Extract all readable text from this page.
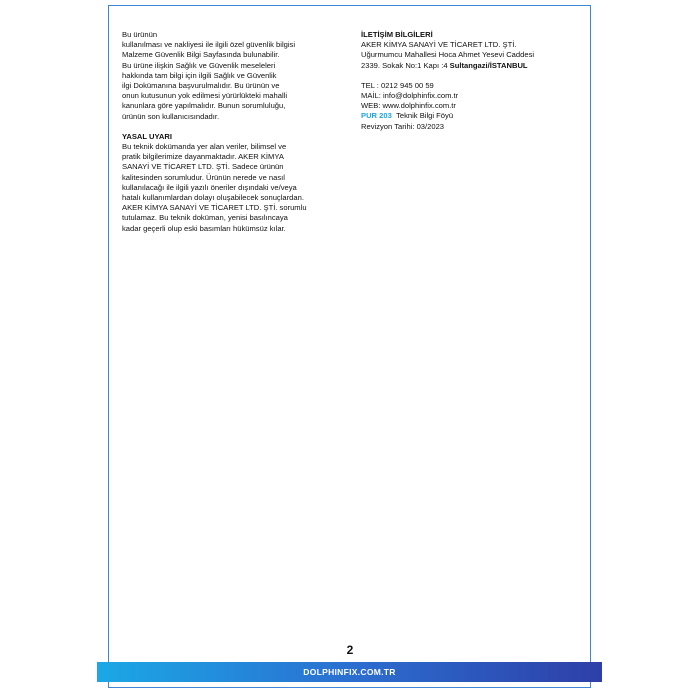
Bu ürünün

kullanılması ve nakliyesi ile ilgili özel güvenlik bilgisi

Malzeme Güvenlik Bilgi Sayfasında bulunabilir.

Bu ürüne ilişkin Sağlık ve Güvenlik meseleleri

hakkında tam bilgi için ilgili Sağlık ve Güvenlik

ilgi Dokümanına başvurulmalıdır. Bu ürünün ve

onun kutusunun yok edilmesi yürürlükteki mahalli

kanunlara göre yapılmalıdır. Bunun sorumluluğu,

ürünün son kullanıcısındadır.

YASAL UYARI

Bu teknik dokümanda yer alan veriler, bilimsel ve

pratik bilgilerimize dayanmaktadır. AKER KİMYA

SANAYİ VE TİCARET LTD. ŞTİ. Sadece ürünün

kalitesinden sorumludur. Ürünün nerede ve nasıl

kullanılacağı ile ilgili yazılı öneriler dışındaki ve/veya

hatalı kullanımlardan dolayı oluşabilecek sonuçlardan.

AKER KİMYA SANAYİ VE TİCARET LTD. ŞTİ. sorumlu

tutulamaz. Bu teknik doküman, yenisi basılıncaya

kadar geçerli olup eski basımları hükümsüz kılar.

İLETİŞİM BİLGİLERİ

AKER KİMYA SANAYİ VE TİCARET LTD. ŞTİ.

Uğurmumcu Mahallesi Hoca Ahmet Yesevi Caddesi

2339. Sokak No:1 Kapı :4 Sultangazi/İSTANBUL

TEL : 0212 945 00 59

MAİL: info@dolphinfix.com.tr

WEB: www.dolphinfix.com.tr

PUR 203 Teknik Bilgi Föyü

Revizyon Tarihi: 03/2023

2
DOLPHINFIX.COM.TR
